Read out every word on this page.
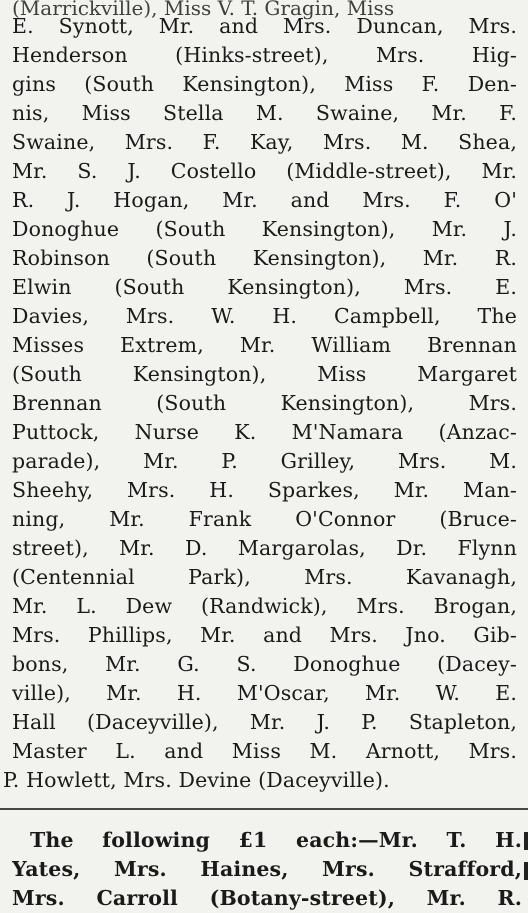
(Marrickville), Miss V. T. Gragin, Miss
E. Synott, Mr. and Mrs. Duncan, Mrs.
Henderson (Hinks-street), Mrs. Hig-
gins (South Kensington), Miss F. Den-
nis, Miss Stella M. Swaine, Mr. F.
Swaine, Mrs. F. Kay, Mrs. M. Shea,
Mr. S. J. Costello (Middle-street), Mr.
R. J. Hogan, Mr. and Mrs. F. O'
Donoghue (South Kensington), Mr. J.
Robinson (South Kensington), Mr. R.
Elwin (South Kensington), Mrs. E.
Davies, Mrs. W. H. Campbell, The
Misses Extrem, Mr. William Brennan
(South Kensington), Miss Margaret
Brennan (South Kensington), Mrs.
Puttock, Nurse K. M'Namara (Anzac-
parade), Mr. P. Grilley, Mrs. M.
Sheehy, Mrs. H. Sparkes, Mr. Man-
ning, Mr. Frank O'Connor (Bruce-
street), Mr. D. Margarolas, Dr. Flynn
(Centennial Park), Mrs. Kavanagh,
Mr. L. Dew (Randwick), Mrs. Brogan,
Mrs. Phillips, Mr. and Mrs. Jno. Gib-
bons, Mr. G. S. Donoghue (Dacey-
ville), Mr. H. M'Oscar, Mr. W. E.
Hall (Daceyville), Mr. J. P. Stapleton,
Master L. and Miss M. Arnott, Mrs.
P. Howlett, Mrs. Devine (Daceyville).
The following £1 each:—Mr. T. H.
Yates, Mrs. Haines, Mrs. Strafford,
Mrs. Carroll (Botany-street), Mr. R.
